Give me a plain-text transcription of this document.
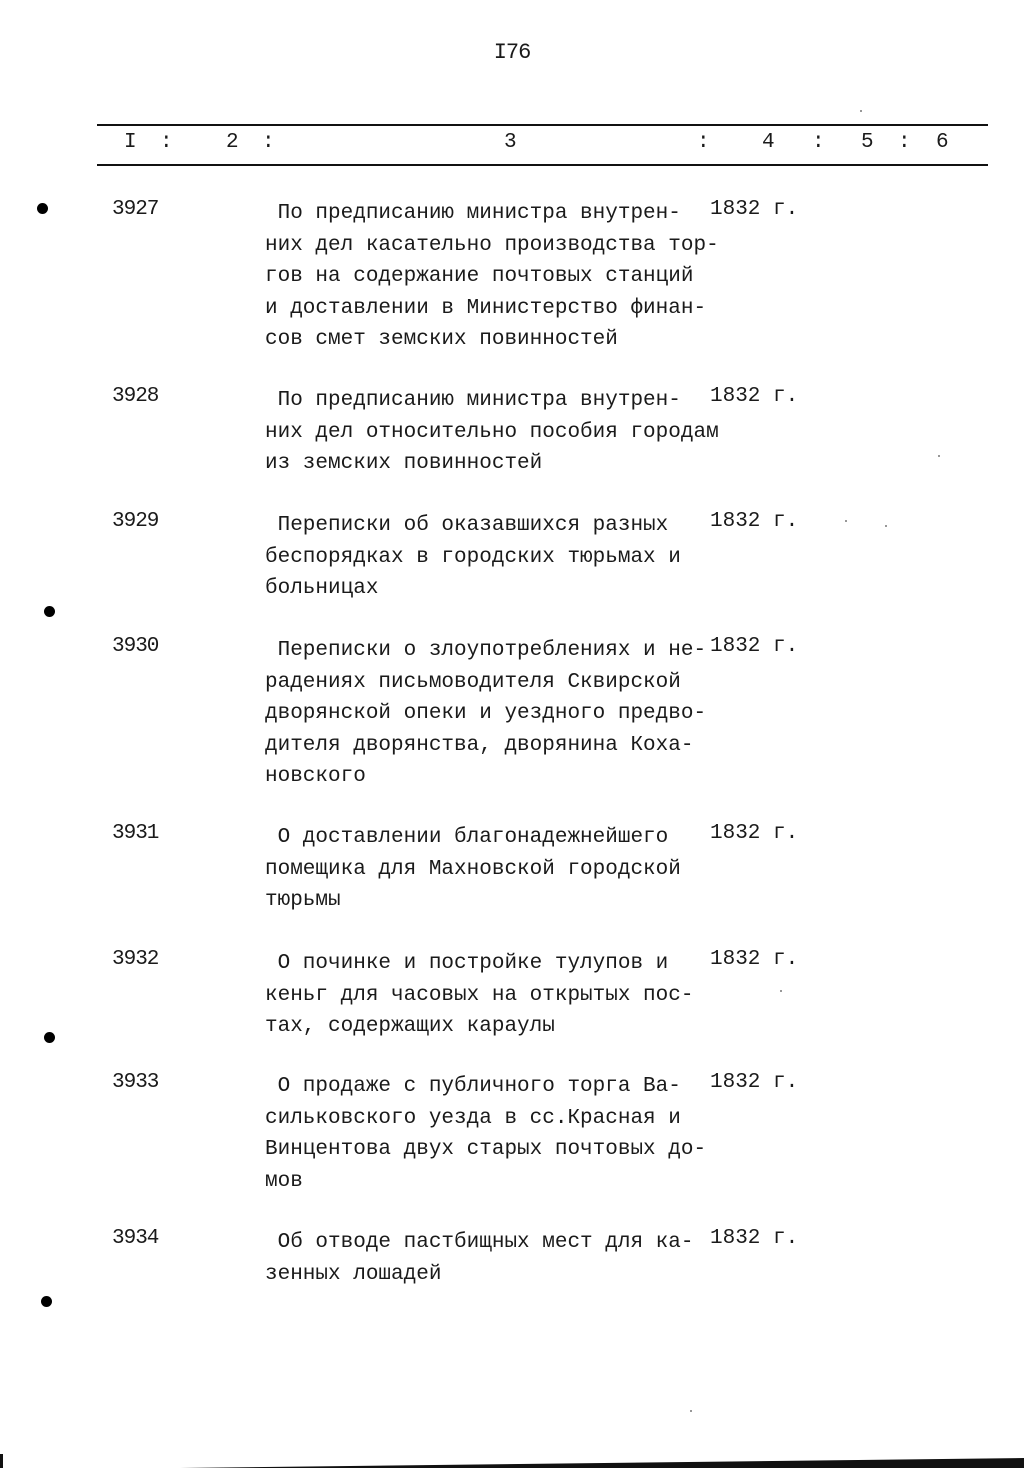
I76
I :	2 :	3	: 4 : 5 : 6
3927	По предписанию министра внутрен-
них дел касательно производства тор-
гов на содержание почтовых станций
и доставлении в Министерство финан-
сов смет земских повинностей
1832 г.
3928	По предписанию министра внутрен-
них дел относительно пособия городам
из земских повинностей
1832 г.
3929	Переписки об оказавшихся разных
беспорядках в городских тюрьмах и
больницах
1832 г.
3930	Переписки о злоупотреблениях и не-
радениях письмоводителя Сквирской
дворянской опеки и уездного предво-
дителя дворянства, дворянина Коха-
новского
1832 г.
3931	О доставлении благонадежнейшего
помещика для Махновской городской
тюрьмы
1832 г.
3932	О починке и постройке тулупов и
кеньг для часовых на открытых пос-
тах, содержащих караулы
1832 г.
3933	О продаже с публичного торга Ва-
сильковского уезда в сс.Красная и
Винцентова двух старых почтовых до-
мов
1832 г.
3934	Об отводе пастбищных мест для ка-
зенных лошадей
1832 г.
